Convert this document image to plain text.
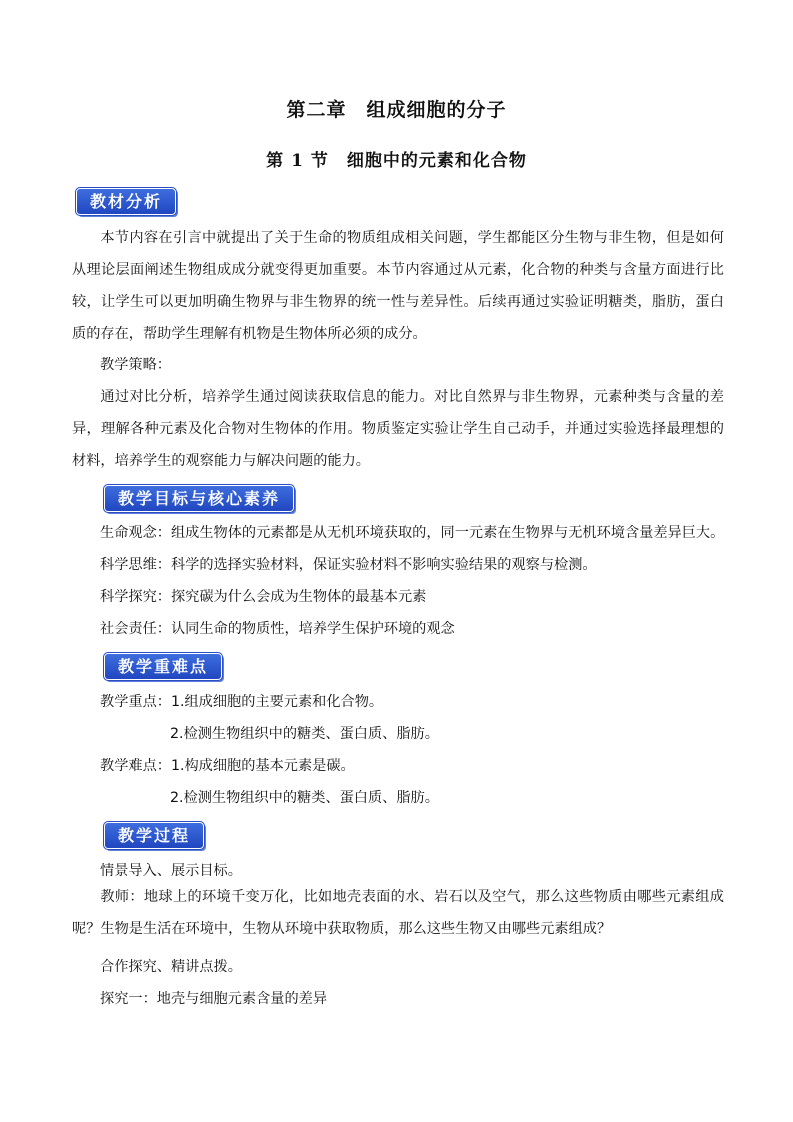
第二章　组成细胞的分子
第 1 节　细胞中的元素和化合物
教材分析

本节内容在引言中就提出了关于生命的物质组成相关问题，学生都能区分生物与非生物，但是如何从理论层面阐述生物组成成分就变得更加重要。本节内容通过从元素，化合物的种类与含量方面进行比较，让学生可以更加明确生物界与非生物界的统一性与差异性。后续再通过实验证明糖类，脂肪，蛋白质的存在，帮助学生理解有机物是生物体所必须的成分。

教学策略：

通过对比分析，培养学生通过阅读获取信息的能力。对比自然界与非生物界，元素种类与含量的差异，理解各种元素及化合物对生物体的作用。物质鉴定实验让学生自己动手，并通过实验选择最理想的材料，培养学生的观察能力与解决问题的能力。

教学目标与核心素养
生命观念：组成生物体的元素都是从无机环境获取的，同一元素在生物界与无机环境含量差异巨大。
科学思维：科学的选择实验材料，保证实验材料不影响实验结果的观察与检测。
科学探究：探究碳为什么会成为生物体的最基本元素
社会责任：认同生命的物质性，培养学生保护环境的观念
教学重难点
教学重点：1.组成细胞的主要元素和化合物。
2.检测生物组织中的糖类、蛋白质、脂肪。
教学难点：1.构成细胞的基本元素是碳。
2.检测生物组织中的糖类、蛋白质、脂肪。
教学过程
情景导入、展示目标。

教师：地球上的环境千变万化，比如地壳表面的水、岩石以及空气，那么这些物质由哪些元素组成呢？生物是生活在环境中，生物从环境中获取物质，那么这些生物又由哪些元素组成？

合作探究、精讲点拨。
探究一：地壳与细胞元素含量的差异
